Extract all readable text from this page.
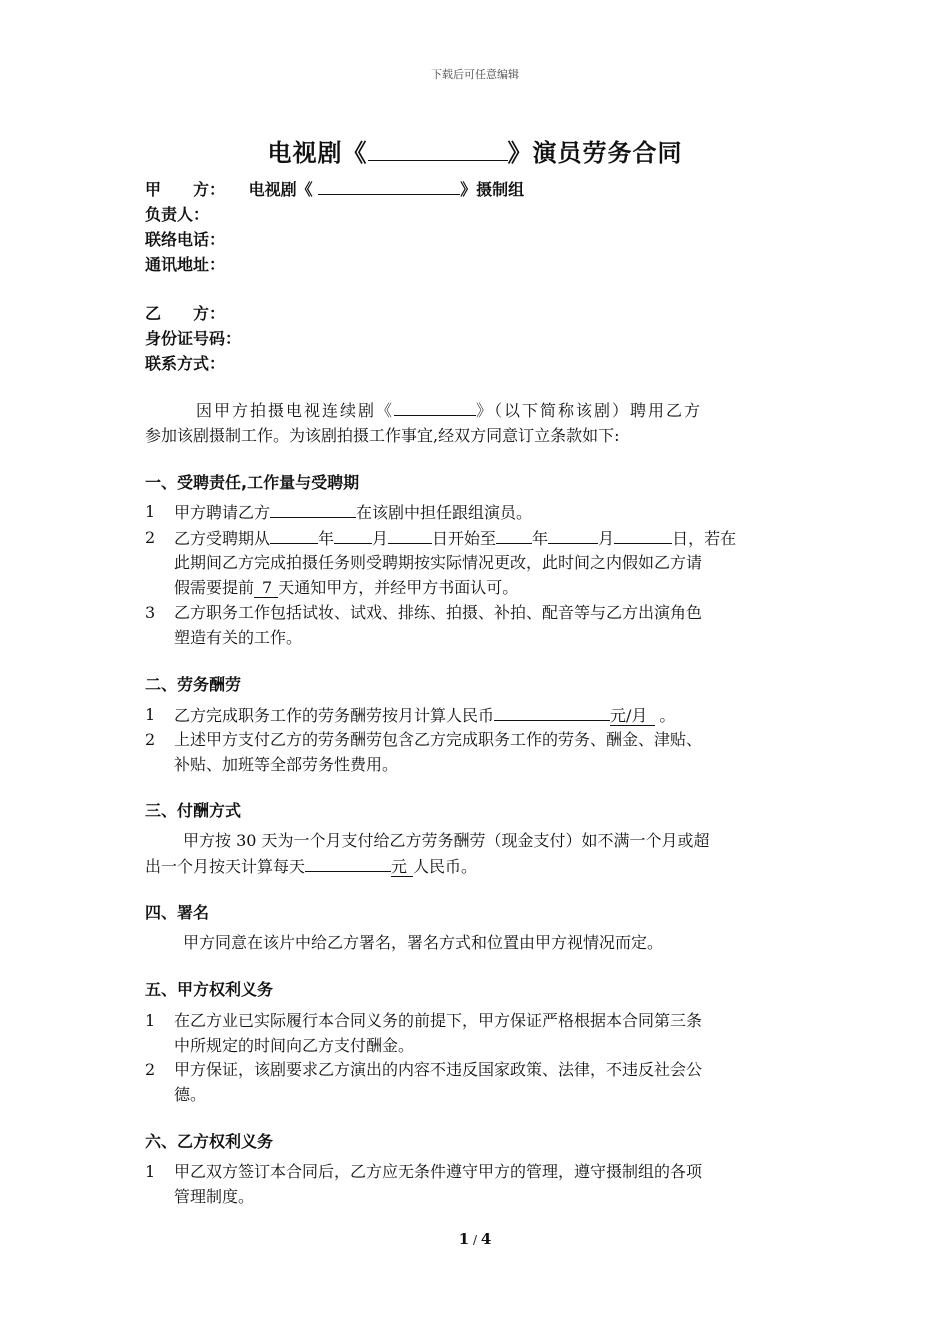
下载后可任意编辑
电视剧《	》演员劳务合同
甲　　方： 电视剧《	》摄制组
负责人：
联络电话：
通讯地址：
乙　　方：
身份证号码：
联系方式：
因甲方拍摄电视连续剧《	》（以下简称该剧）聘用乙方
参加该剧摄制工作。为该剧拍摄工作事宜,经双方同意订立条款如下:
一、受聘责任,工作量与受聘期
1 甲方聘请乙方	在该剧中担任跟组演员。
2 乙方受聘期从	年 月	日开始至 年	月	日，若在
此期间乙方完成拍摄任务则受聘期按实际情况更改，此时间之内假如乙方请
假需要提前 7 天通知甲方，并经甲方书面认可。
3 乙方职务工作包括试妆、试戏、排练、拍摄、补拍、配音等与乙方出演角色
塑造有关的工作。
二、劳务酬劳
1 乙方完成职务工作的劳务酬劳按月计算人民币	元/月 。
2 上述甲方支付乙方的劳务酬劳包含乙方完成职务工作的劳务、酬金、津贴、
补贴、加班等全部劳务性费用。
三、付酬方式
甲方按 30 天为一个月支付给乙方劳务酬劳（现金支付）如不满一个月或超
出一个月按天计算每天	元 人民币。
四、署名
甲方同意在该片中给乙方署名，署名方式和位置由甲方视情况而定。
五、甲方权利义务
1 在乙方业已实际履行本合同义务的前提下，甲方保证严格根据本合同第三条
中所规定的时间向乙方支付酬金。
2 甲方保证，该剧要求乙方演出的内容不违反国家政策、法律，不违反社会公
德。
六、乙方权利义务
1 甲乙双方签订本合同后，乙方应无条件遵守甲方的管理，遵守摄制组的各项
管理制度。
1 / 4
